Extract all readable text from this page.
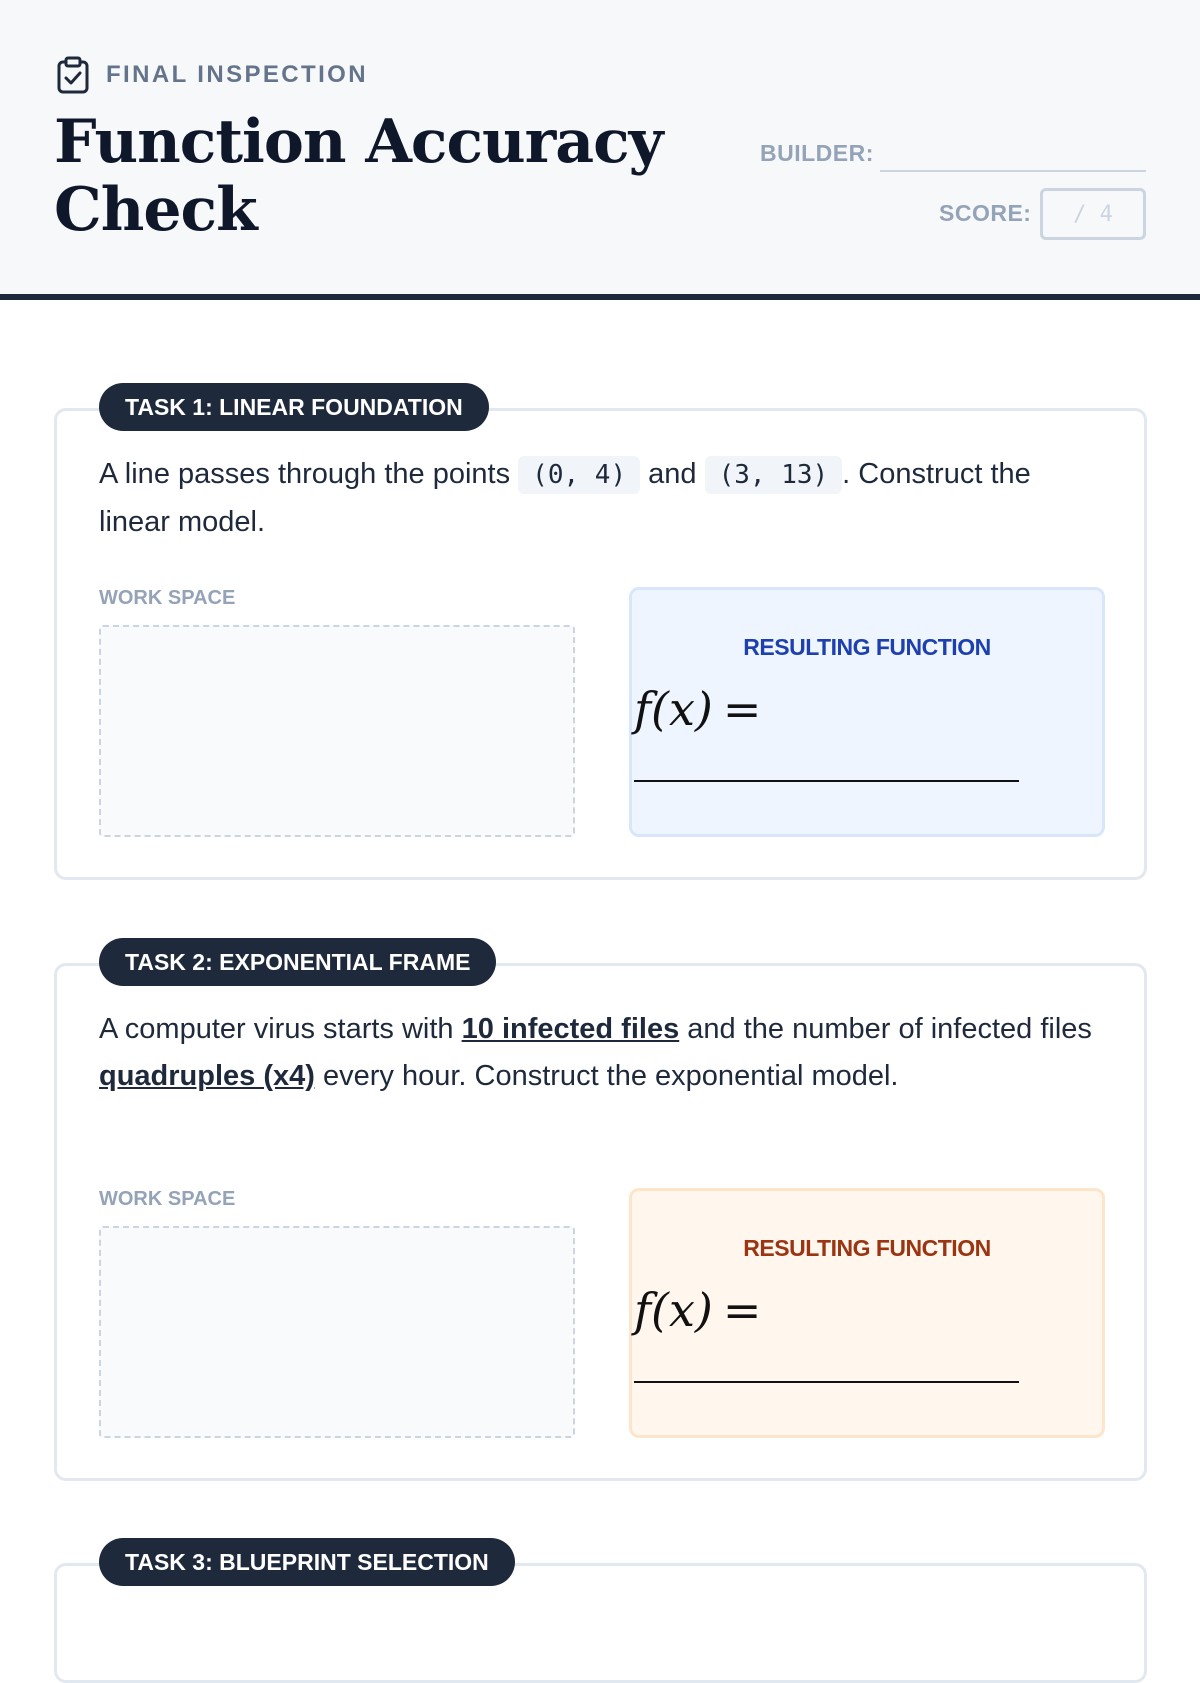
FINAL INSPECTION
Function Accuracy Check
BUILDER:
SCORE:	/ 4
TASK 1: LINEAR FOUNDATION

A line passes through the points (0, 4) and (3, 13) . Construct the linear model.

WORK SPACE
RESULTING FUNCTION
f(x) =
TASK 2: EXPONENTIAL FRAME

A computer virus starts with 10 infected files and the number of infected files quadruples (x4) every hour. Construct the exponential model.

WORK SPACE
RESULTING FUNCTION
f(x) =
TASK 3: BLUEPRINT SELECTION
